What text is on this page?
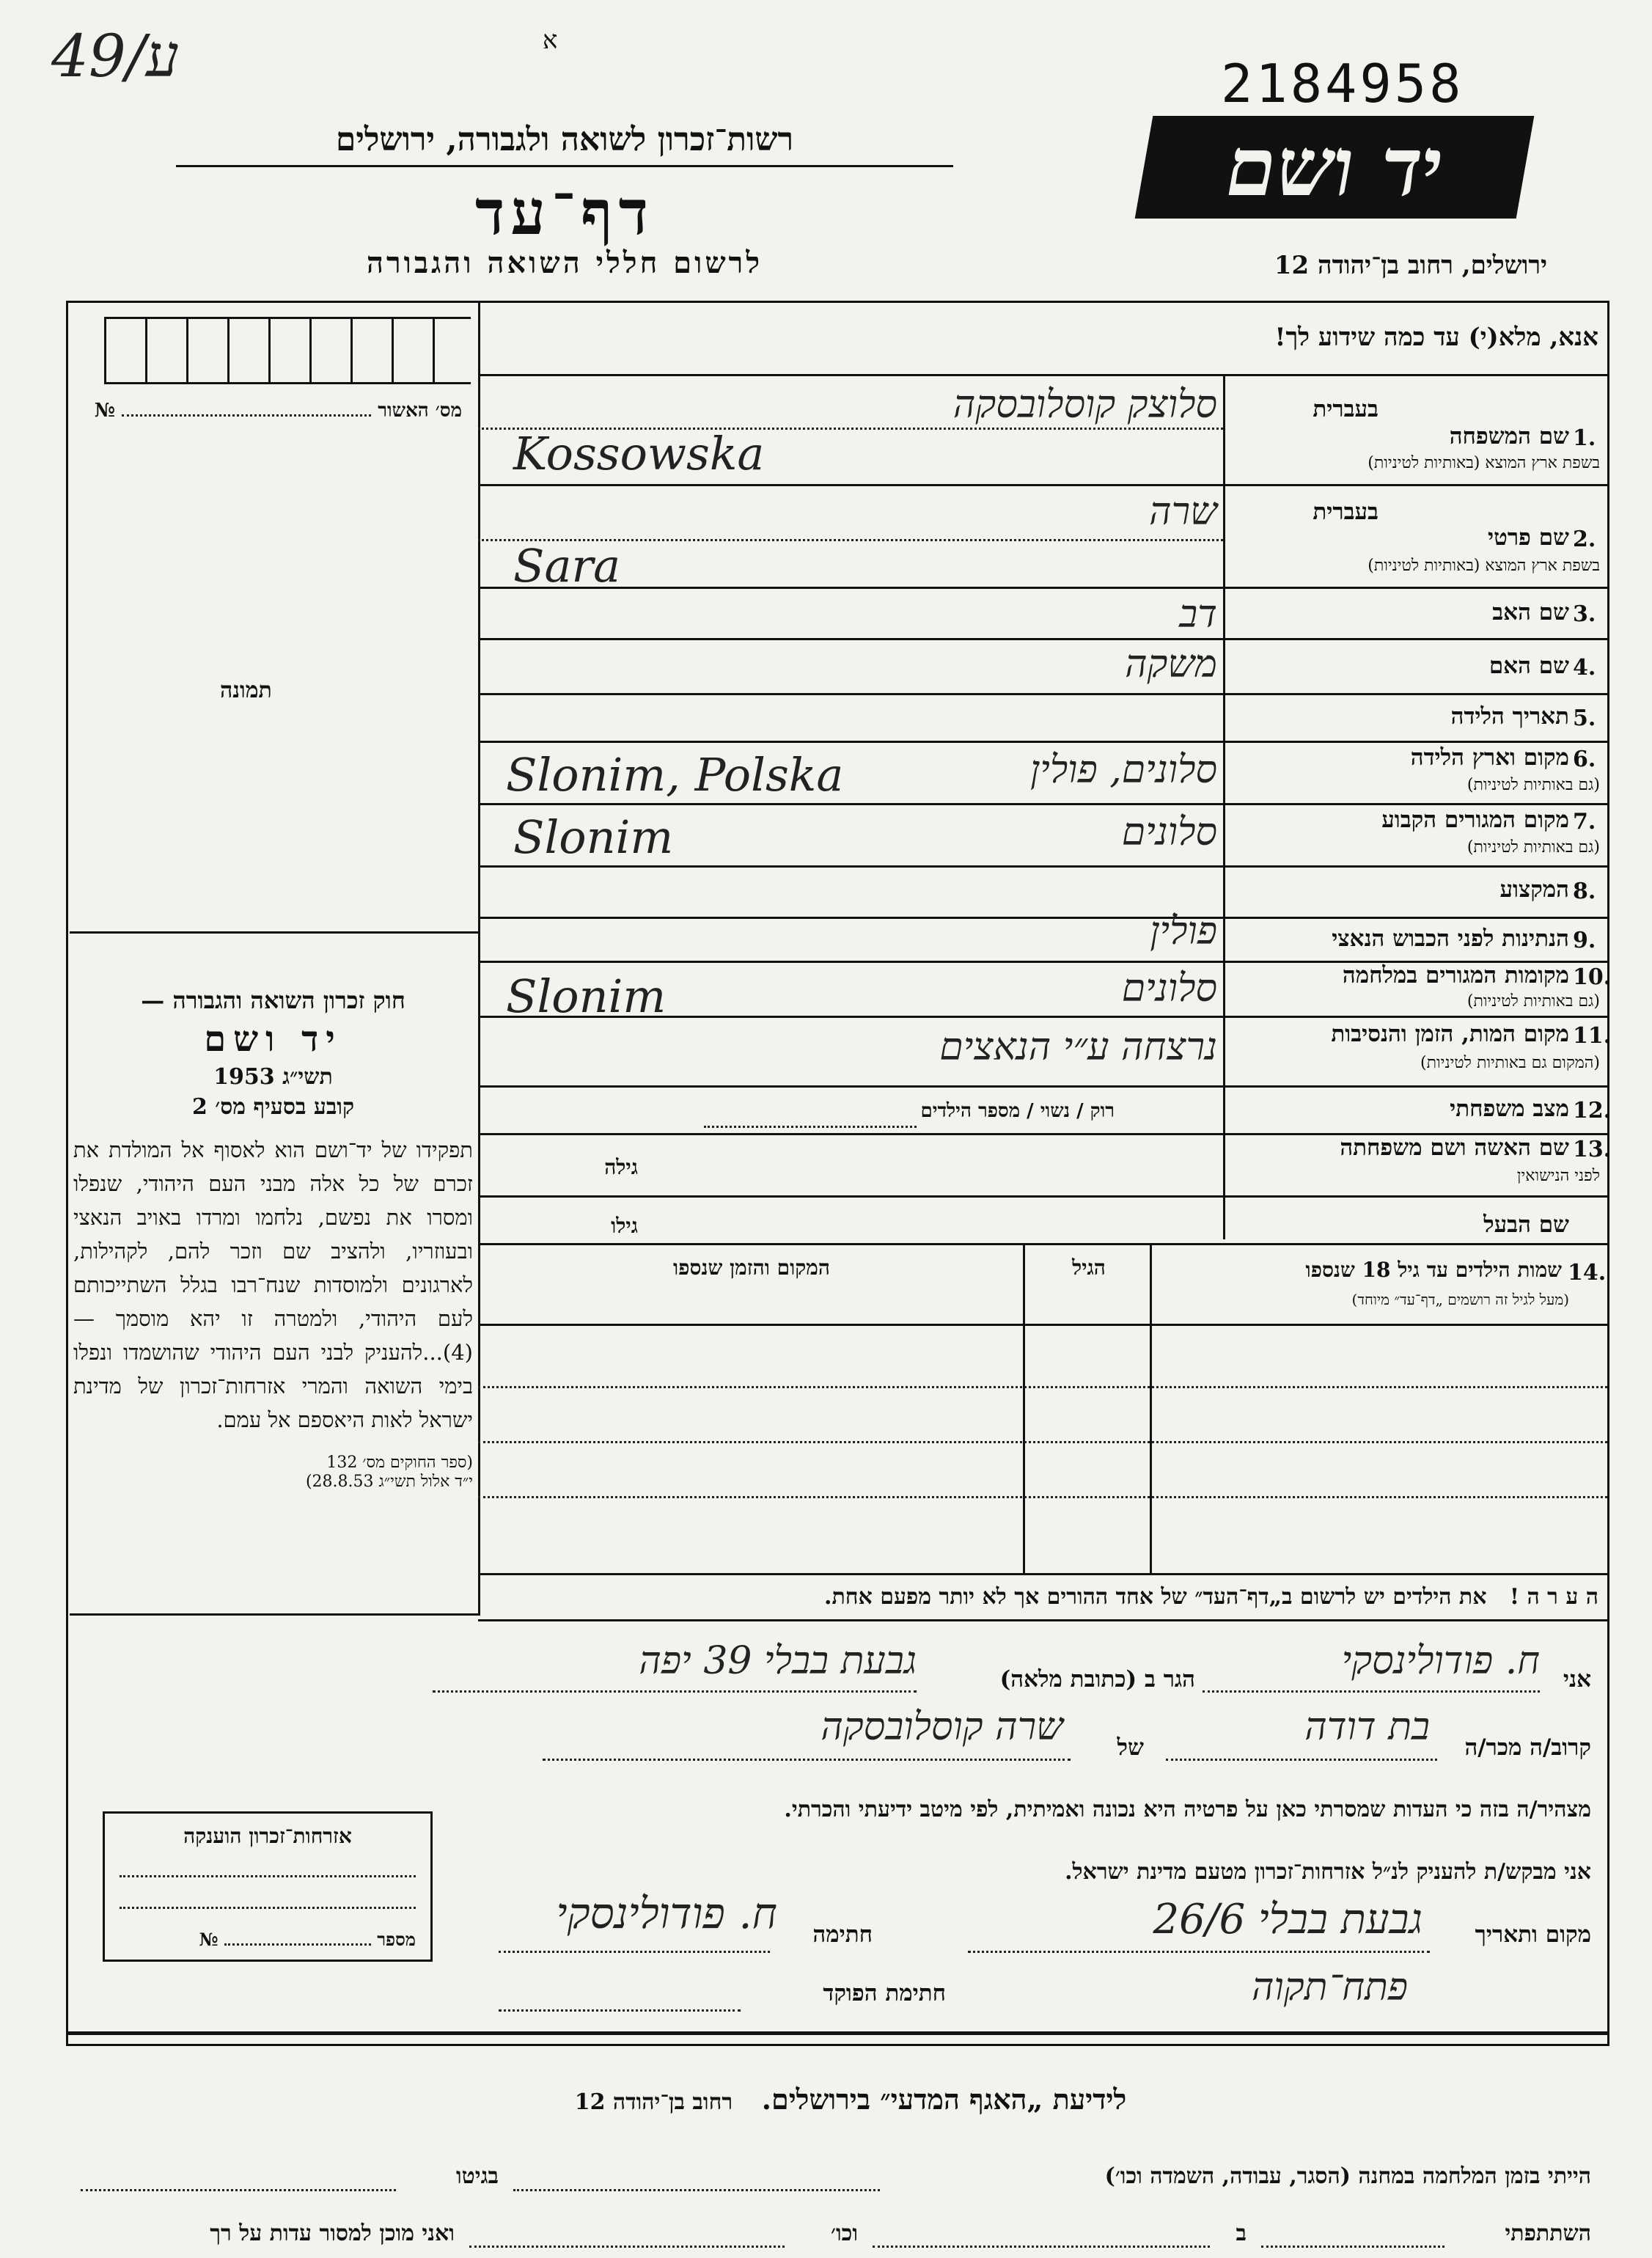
49/ע	א
2184958
רשות־זכרון לשואה ולגבורה, ירושלים
דף־עד
לרשום חללי השואה והגבורה
יד ושם
ירושלים, רחוב בן־יהודה 12
מס׳ האשור  №
תמונה

חוק זכרון השואה והגבורה —

יד ושם

תשי״ג 1953

קובע בסעיף מס׳ 2

תפקידו של יד־ושם הוא לאסוף אל המולדת את זכרם של כל אלה מבני העם היהודי, שנפלו ומסרו את נפשם, נלחמו ומרדו באויב הנאצי ובעוזריו, ולהציב שם וזכר להם, לקהילות, לארגונים ולמוסדות שנח־רבו בגלל השתייכותם לעם היהודי, ולמטרה זו יהא מוסמך — (4)...להעניק לבני העם היהודי שהושמדו ונפלו בימי השואה והמרי אזרחות־זכרון של מדינת ישראל לאות היאספם אל עמם.

(ספר החוקים מס׳ 132

י״ד אלול תשי״ג 28.8.53)

אנא, מלא(י) עד כמה שידוע לך!
בעברית
1.
שם המשפחה
בשפת ארץ המוצא (באותיות לטיניות)
סלוצק קוסלובסקה
Kossowska
בעברית
2.
שם פרטי
בשפת ארץ המוצא (באותיות לטיניות)
שרה
Sara
3.
שם האב
דב
4.
שם האם
משקה
5.
תאריך הלידה
6.
מקום וארץ הלידה
(גם באותיות לטיניות)
סלונים, פולין
Slonim, Polska
7.
מקום המגורים הקבוע
(גם באותיות לטיניות)
סלונים
Slonim
8.
המקצוע
9.
הנתינות לפני הכבוש הנאצי
פולין
10.
מקומות המגורים במלחמה
(גם באותיות לטיניות)
סלונים
Slonim
11.
מקום המות, הזמן והנסיבות
(המקום גם באותיות לטיניות)
נרצחה ע״י הנאצים
12.
מצב משפחתי
רוק / נשוי / מספר הילדים
13.
שם האשה ושם משפחתה
לפני הנישואין
גילה
שם הבעל
גילו
14.
שמות הילדים עד גיל 18 שנספו
(מעל לגיל זה רושמים „דף־עד״ מיוחד)
הגיל
המקום והזמן שנספו
ה ע ר ה !   את הילדים יש לרשום ב„דף־העד״ של אחד ההורים אך לא יותר מפעם אחת.
אני
ח. פודולינסקי
הגר ב (כתובת מלאה)
גבעת בבלי 39 יפה
קרוב/ה מכר/ה
בת דודה
של
שרה קוסלובסקה
מצהיר/ה בזה כי העדות שמסרתי כאן על פרטיה היא נכונה ואמיתית, לפי מיטב ידיעתי והכרתי.
אני מבקש/ת להעניק לנ״ל אזרחות־זכרון מטעם מדינת ישראל.
מקום ותאריך
גבעת בבלי 26/6
פתח־תקוה
חתימה
ח. פודולינסקי
חתימת הפוקד
אזרחות־זכרון הוענקה
מספר  №
לידיעת „האגף המדעי״ בירושלים.   רחוב בן־יהודה 12
הייתי בזמן המלחמה במחנה (הסגר, עבודה, השמדה וכו׳)
בגיטו
השתתפתי
ב
וכו׳
ואני מוכן למסור עדות על רך
